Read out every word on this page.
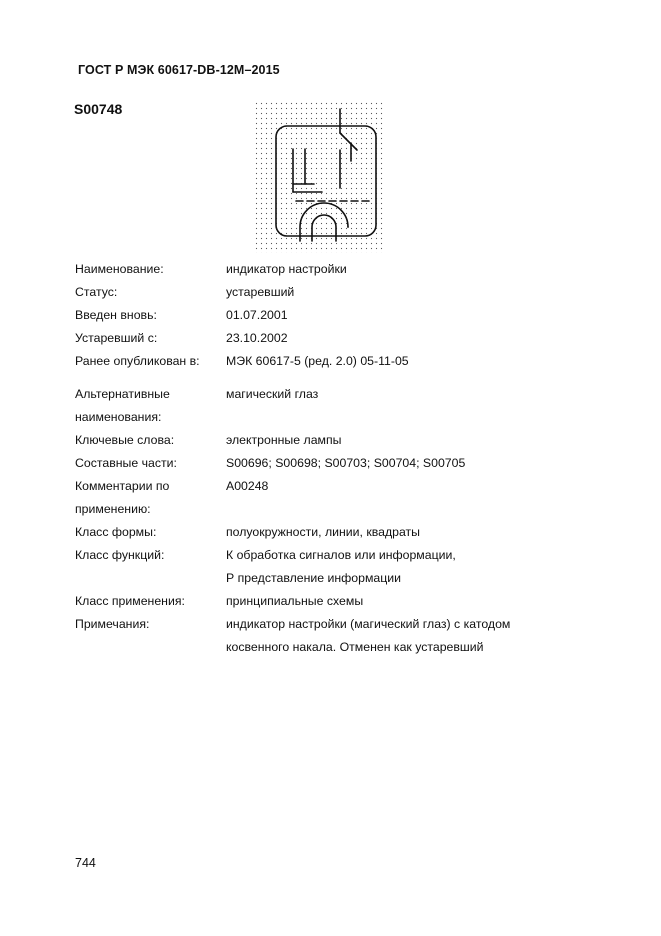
ГОСТ Р МЭК 60617-DB-12M–2015
S00748
Наименование:	индикатор настройки
Статус:	устаревший
Введен вновь:	01.07.2001
Устаревший с:	23.10.2002
Ранее опубликован в:	МЭК 60617-5 (ред. 2.0) 05-11-05
Альтернативные
наименования:
магический глаз
Ключевые слова:	электронные лампы
Составные части:	S00696; S00698; S00703; S00704; S00705
Комментарии по
применению:
A00248
Класс формы:	полуокружности, линии, квадраты
Класс функций:	К обработка сигналов или информации,
Р представление информации
Класс применения:	принципиальные схемы
Примечания:	индикатор настройки (магический глаз) с катодом
косвенного накала. Отменен как устаревший
744
